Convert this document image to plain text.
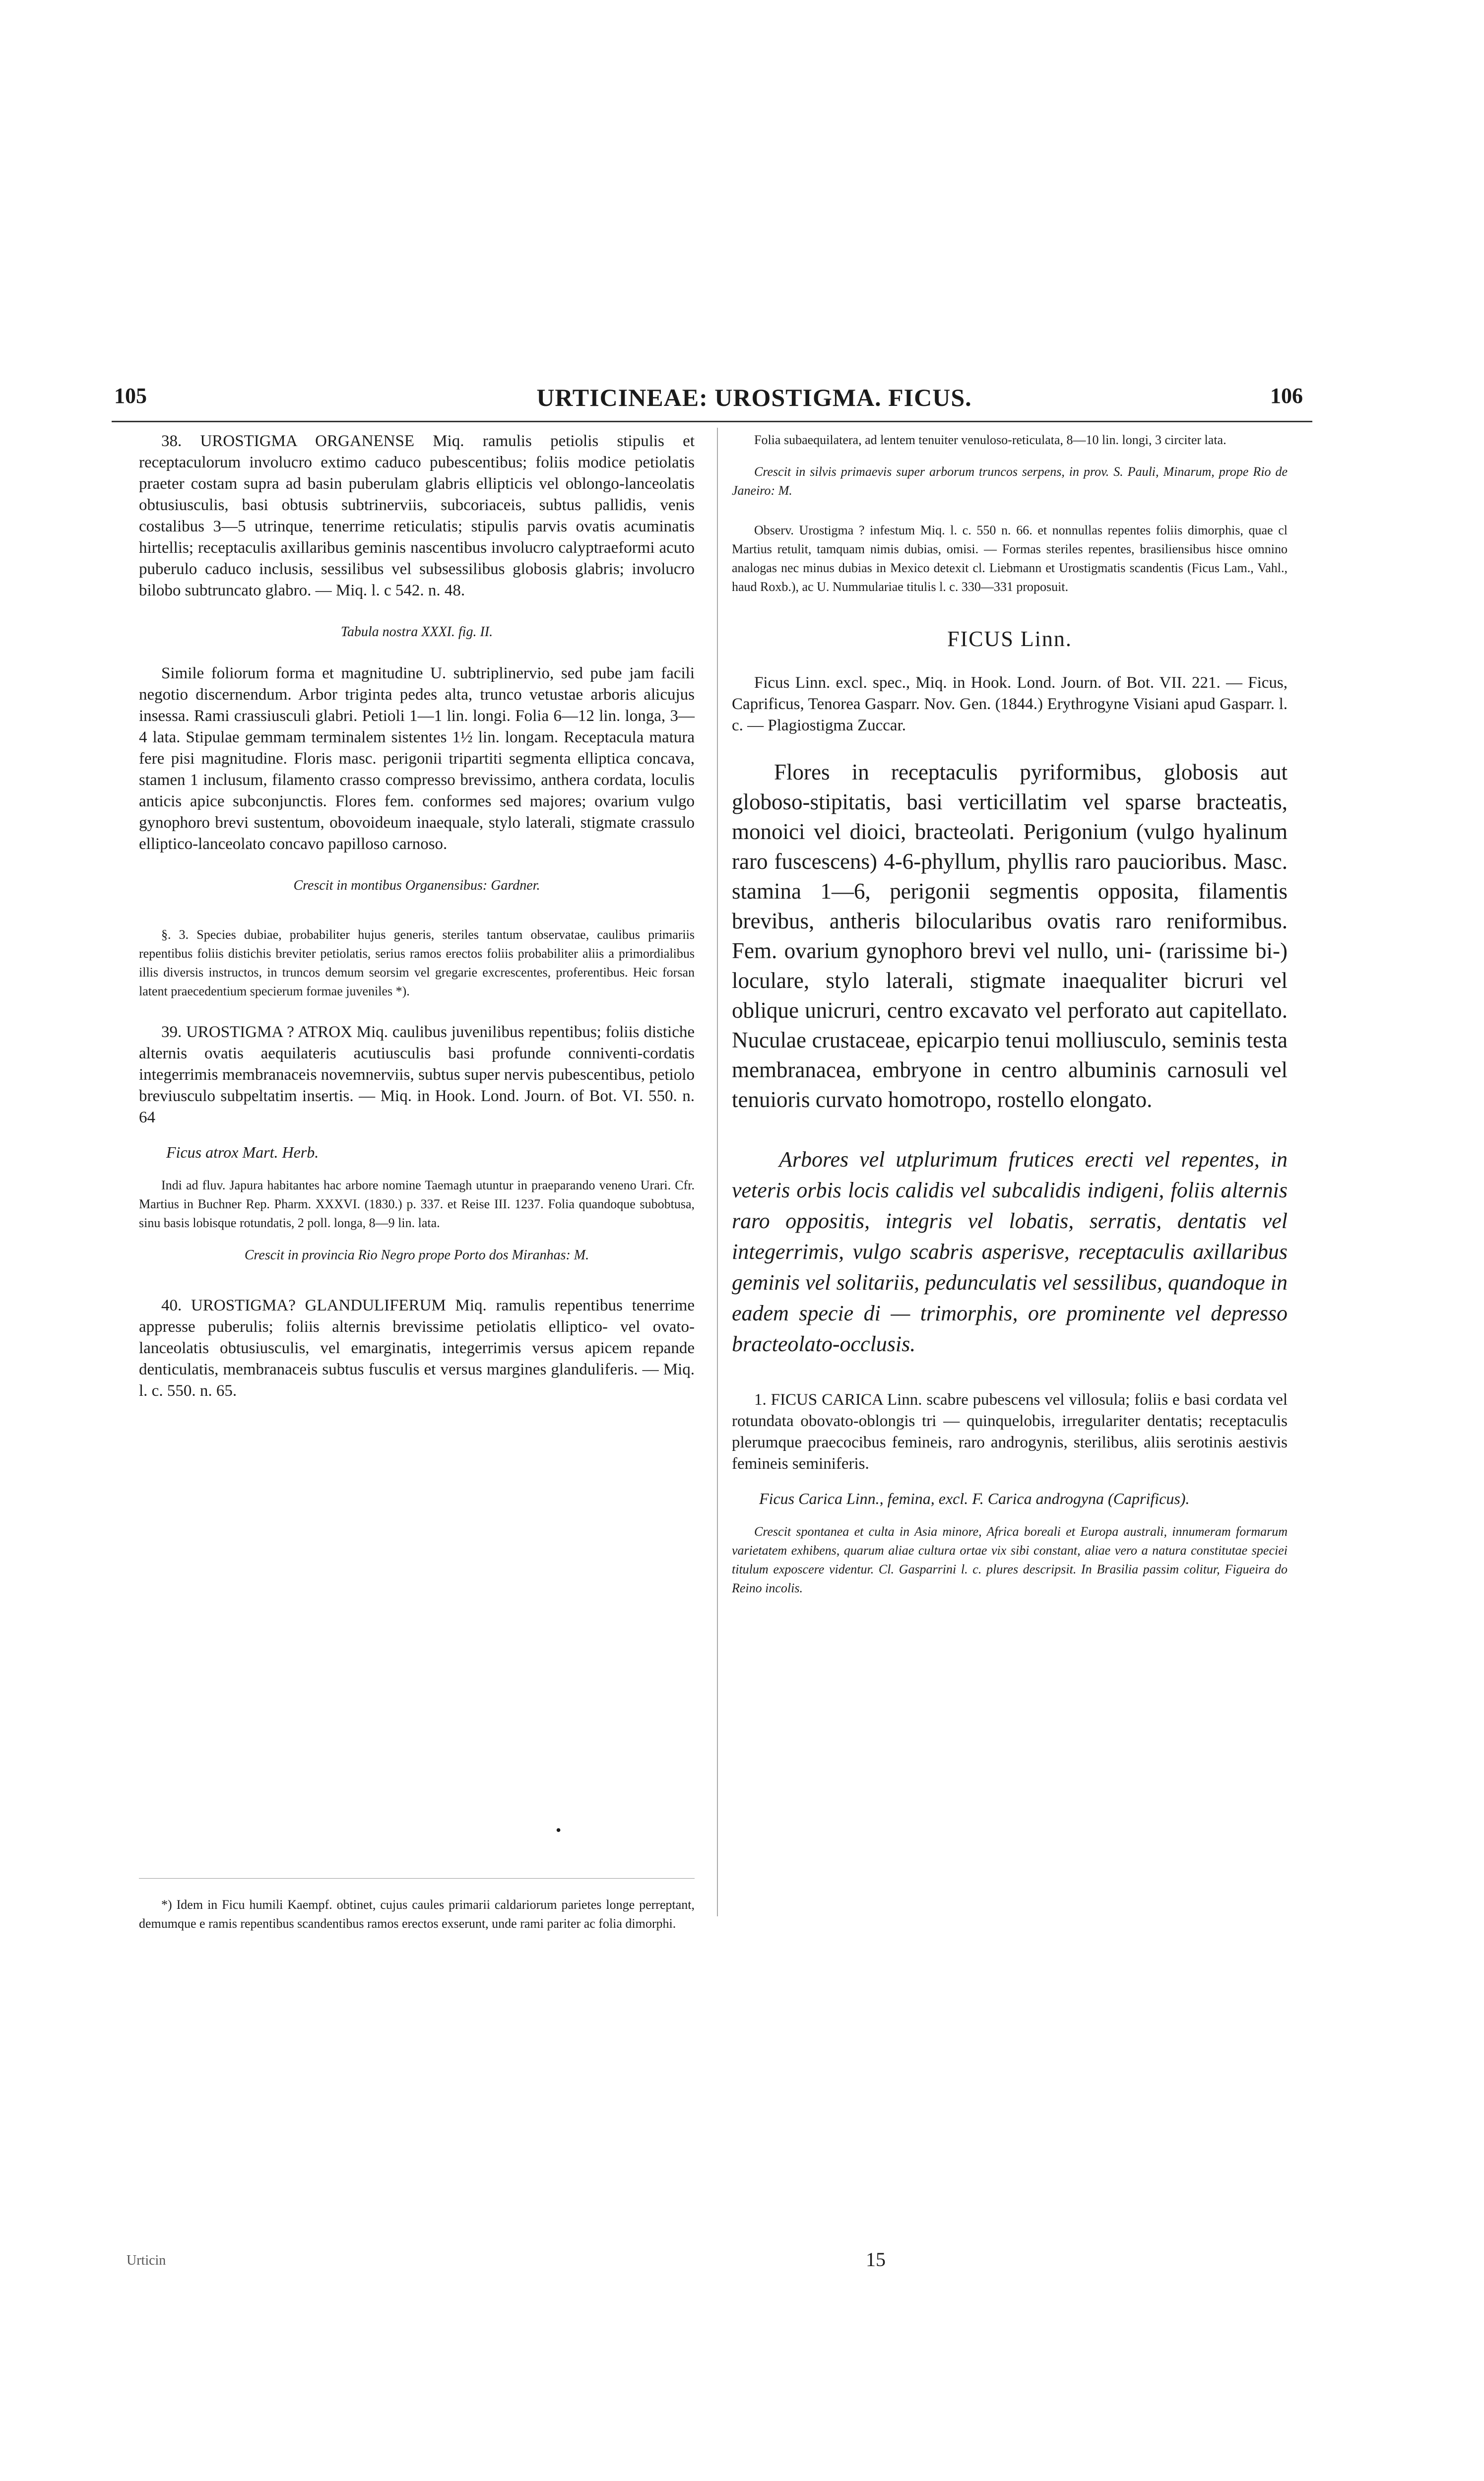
105	URTICINEAE: UROSTIGMA. FICUS.	106

38. UROSTIGMA ORGANENSE Miq. ramulis petiolis stipulis et receptaculorum involucro extimo caduco pubescentibus; foliis modice petiolatis praeter costam supra ad basin puberulam glabris ellipticis vel oblongo-lanceolatis obtusiusculis, basi obtusis subtrinerviis, subcoriaceis, subtus pallidis, venis costalibus 3—5 utrinque, tenerrime reticulatis; stipulis parvis ovatis acuminatis hirtellis; receptaculis axillaribus geminis nascentibus involucro calyptraeformi acuto puberulo caduco inclusis, sessilibus vel subsessilibus globosis glabris; involucro bilobo subtruncato glabro. — Miq. l. c 542. n. 48.

Tabula nostra XXXI. fig. II.

Simile foliorum forma et magnitudine U. subtriplinervio, sed pube jam facili negotio discernendum. Arbor triginta pedes alta, trunco vetustae arboris alicujus insessa. Rami crassiusculi glabri. Petioli 1—1 lin. longi. Folia 6—12 lin. longa, 3—4 lata. Stipulae gemmam terminalem sistentes 1½ lin. longam. Receptacula matura fere pisi magnitudine. Floris masc. perigonii tripartiti segmenta elliptica concava, stamen 1 inclusum, filamento crasso compresso brevissimo, anthera cordata, loculis anticis apice subconjunctis. Flores fem. conformes sed majores; ovarium vulgo gynophoro brevi sustentum, obovoideum inaequale, stylo laterali, stigmate crassulo elliptico-lanceolato concavo papilloso carnoso.

Crescit in montibus Organensibus: Gardner.

§. 3. Species dubiae, probabiliter hujus generis, steriles tantum observatae, caulibus primariis repentibus foliis distichis breviter petiolatis, serius ramos erectos foliis probabiliter aliis a primordialibus illis diversis instructos, in truncos demum seorsim vel gregarie excrescentes, proferentibus. Heic forsan latent praecedentium specierum formae juveniles *).

39. UROSTIGMA ? ATROX Miq. caulibus juvenilibus repentibus; foliis distiche alternis ovatis aequilateris acutiusculis basi profunde conniventi-cordatis integerrimis membranaceis novemnerviis, subtus super nervis pubescentibus, petiolo breviusculo subpeltatim insertis. — Miq. in Hook. Lond. Journ. of Bot. VI. 550. n. 64

Ficus atrox Mart. Herb.

Indi ad fluv. Japura habitantes hac arbore nomine Taemagh utuntur in praeparando veneno Urari. Cfr. Martius in Buchner Rep. Pharm. XXXVI. (1830.) p. 337. et Reise III. 1237. Folia quandoque subobtusa, sinu basis lobisque rotundatis, 2 poll. longa, 8—9 lin. lata.

Crescit in provincia Rio Negro prope Porto dos Miranhas: M.

40. UROSTIGMA? GLANDULIFERUM Miq. ramulis repentibus tenerrime appresse puberulis; foliis alternis brevissime petiolatis elliptico- vel ovato-lanceolatis obtusiusculis, vel emarginatis, integerrimis versus apicem repande denticulatis, membranaceis subtus fusculis et versus margines glanduliferis. — Miq. l. c. 550. n. 65.

•

*) Idem in Ficu humili Kaempf. obtinet, cujus caules primarii caldariorum parietes longe perreptant, demumque e ramis repentibus scandentibus ramos erectos exserunt, unde rami pariter ac folia dimorphi.

Folia subaequilatera, ad lentem tenuiter venuloso-reticulata, 8—10 lin. longi, 3 circiter lata.

Crescit in silvis primaevis super arborum truncos serpens, in prov. S. Pauli, Minarum, prope Rio de Janeiro: M.

Observ. Urostigma ? infestum Miq. l. c. 550 n. 66. et nonnullas repentes foliis dimorphis, quae cl Martius retulit, tamquam nimis dubias, omisi. — Formas steriles repentes, brasiliensibus hisce omnino analogas nec minus dubias in Mexico detexit cl. Liebmann et Urostigmatis scandentis (Ficus Lam., Vahl., haud Roxb.), ac U. Nummulariae titulis l. c. 330—331 proposuit.

FICUS Linn.

Ficus Linn. excl. spec., Miq. in Hook. Lond. Journ. of Bot. VII. 221. — Ficus, Caprificus, Tenorea Gasparr. Nov. Gen. (1844.) Erythrogyne Visiani apud Gasparr. l. c. — Plagiostigma Zuccar.

Flores in receptaculis pyriformibus, globosis aut globoso-stipitatis, basi verticillatim vel sparse bracteatis, monoici vel dioici, bracteolati. Perigonium (vulgo hyalinum raro fuscescens) 4-6-phyllum, phyllis raro paucioribus. Masc. stamina 1—6, perigonii segmentis opposita, filamentis brevibus, antheris bilocularibus ovatis raro reniformibus. Fem. ovarium gynophoro brevi vel nullo, uni- (rarissime bi-) loculare, stylo laterali, stigmate inaequaliter bicruri vel oblique unicruri, centro excavato vel perforato aut capitellato. Nuculae crustaceae, epicarpio tenui molliusculo, seminis testa membranacea, embryone in centro albuminis carnosuli vel tenuioris curvato homotropo, rostello elongato.

Arbores vel utplurimum frutices erecti vel repentes, in veteris orbis locis calidis vel subcalidis indigeni, foliis alternis raro oppositis, integris vel lobatis, serratis, dentatis vel integerrimis, vulgo scabris asperisve, receptaculis axillaribus geminis vel solitariis, pedunculatis vel sessilibus, quandoque in eadem specie di — trimorphis, ore prominente vel depresso bracteolato-occlusis.

1. FICUS CARICA Linn. scabre pubescens vel villosula; foliis e basi cordata vel rotundata obovato-oblongis tri — quinquelobis, irregulariter dentatis; receptaculis plerumque praecocibus femineis, raro androgynis, sterilibus, aliis serotinis aestivis femineis seminiferis.

Ficus Carica Linn., femina, excl. F. Carica androgyna (Caprificus).

Crescit spontanea et culta in Asia minore, Africa boreali et Europa australi, innumeram formarum varietatem exhibens, quarum aliae cultura ortae vix sibi constant, aliae vero a natura constitutae speciei titulum exposcere videntur. Cl. Gasparrini l. c. plures descripsit. In Brasilia passim colitur, Figueira do Reino incolis.

Urticin	15
